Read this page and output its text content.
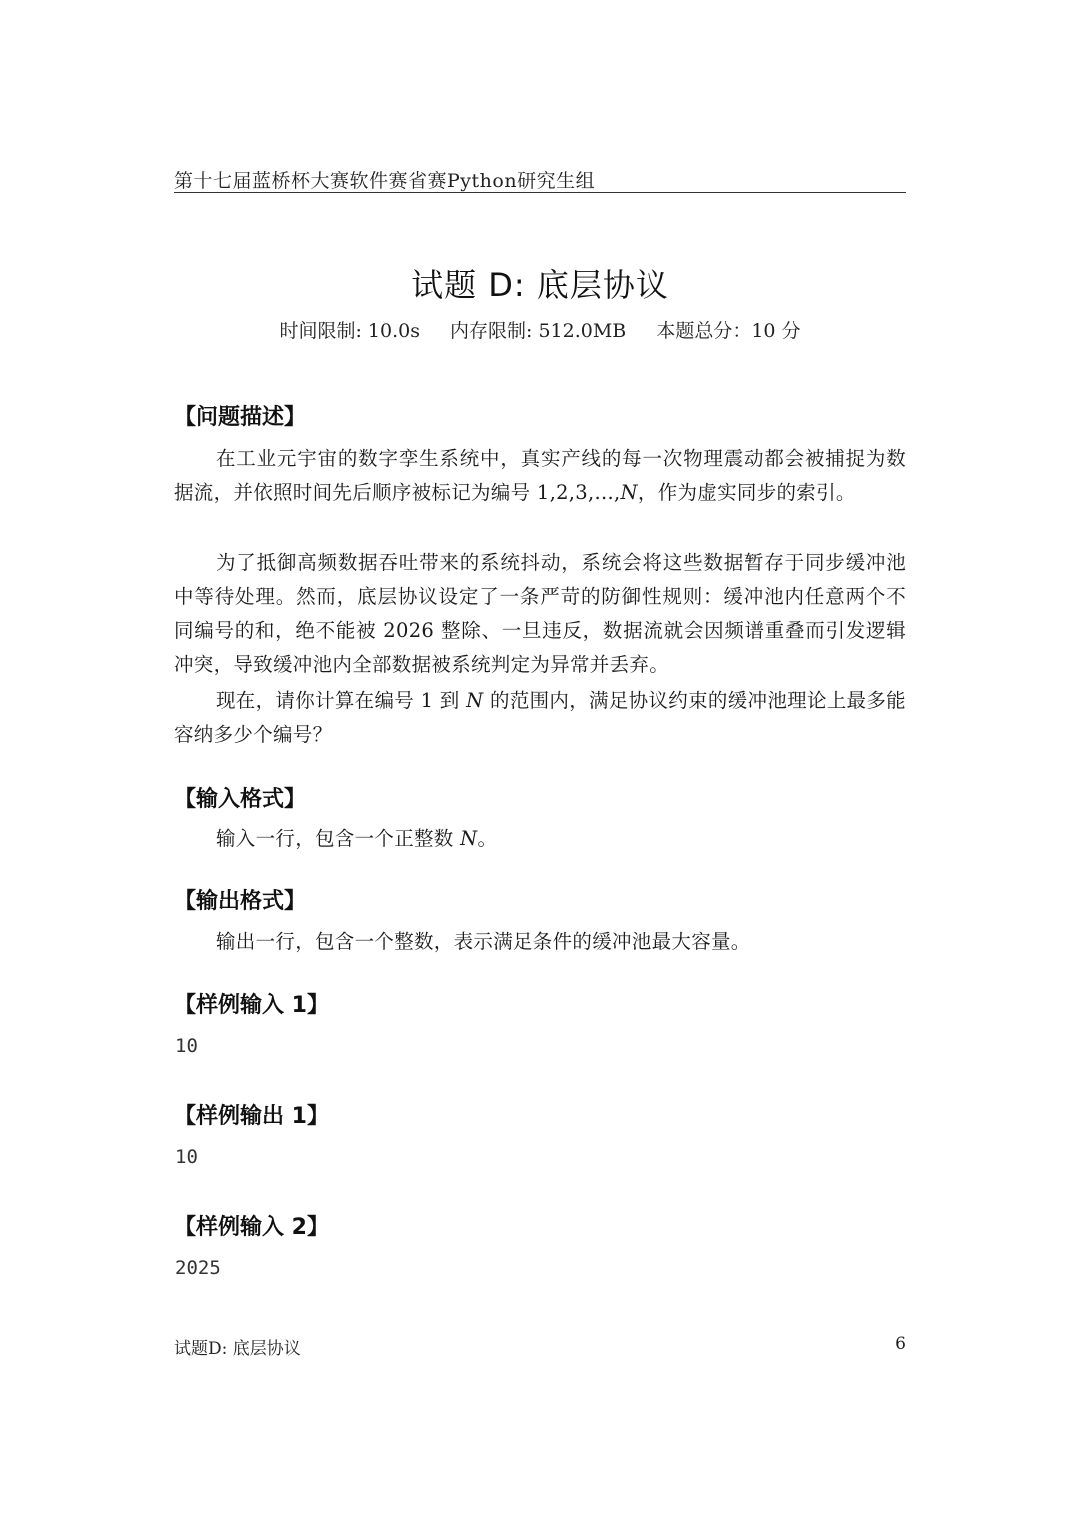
第十七届蓝桥杯大赛软件赛省赛Python研究生组
试题 D: 底层协议
时间限制: 10.0s 内存限制: 512.0MB 本题总分：10 分
【问题描述】

在工业元宇宙的数字孪生系统中，真实产线的每一次物理震动都会被捕捉为数据流，并依照时间先后顺序被标记为编号 1,2,3,...,N，作为虚实同步的索引。

为了抵御高频数据吞吐带来的系统抖动，系统会将这些数据暂存于同步缓冲池中等待处理。然而，底层协议设定了一条严苛的防御性规则：缓冲池内任意两个不同编号的和，绝不能被 2026 整除、一旦违反，数据流就会因频谱重叠而引发逻辑冲突，导致缓冲池内全部数据被系统判定为异常并丢弃。

现在，请你计算在编号 1 到 N 的范围内，满足协议约束的缓冲池理论上最多能容纳多少个编号？

【输入格式】

输入一行，包含一个正整数 N。

【输出格式】

输出一行，包含一个整数，表示满足条件的缓冲池最大容量。

【样例输入 1】
10
【样例输出 1】
10
【样例输入 2】
2025
试题D: 底层协议	6
